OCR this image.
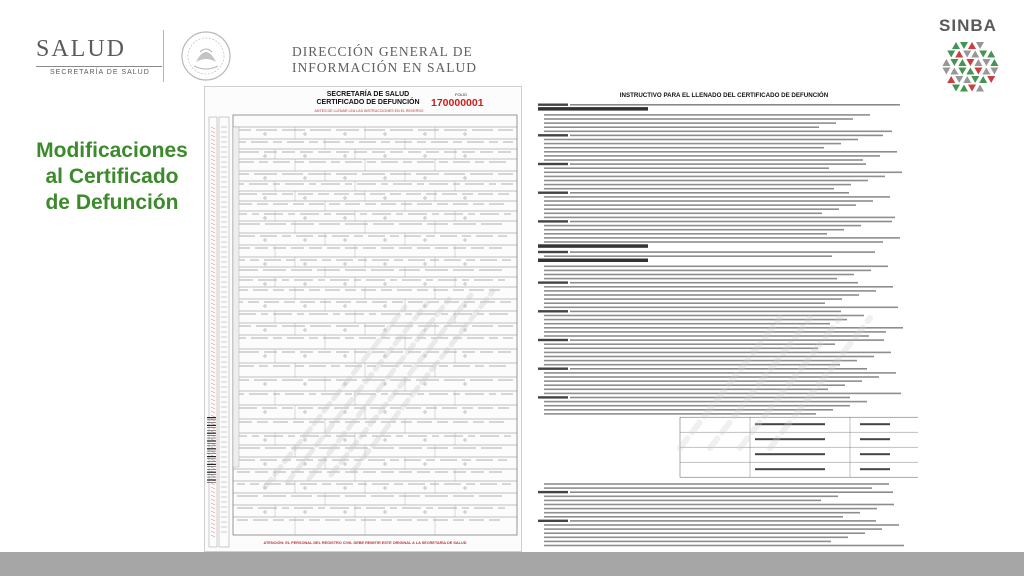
SALUD
SECRETARÍA DE SALUD
DIRECCIÓN GENERAL DE
INFORMACIÓN EN SALUD
SINBA
Modificaciones
al Certificado
de Defunción
SECRETARÍA DE SALUD
CERTIFICADO DE DEFUNCIÓN
ANTES DE LLENAR LEA LAS INSTRUCCIONES EN EL REVERSO
FOLIO
170000001
ATENCIÓN: EL PERSONAL DEL REGISTRO CIVIL DEBE REMITIR ESTE ORIGINAL A LA SECRETARÍA DE SALUD
INSTRUCTIVO PARA EL LLENADO DEL CERTIFICADO DE DEFUNCIÓN
